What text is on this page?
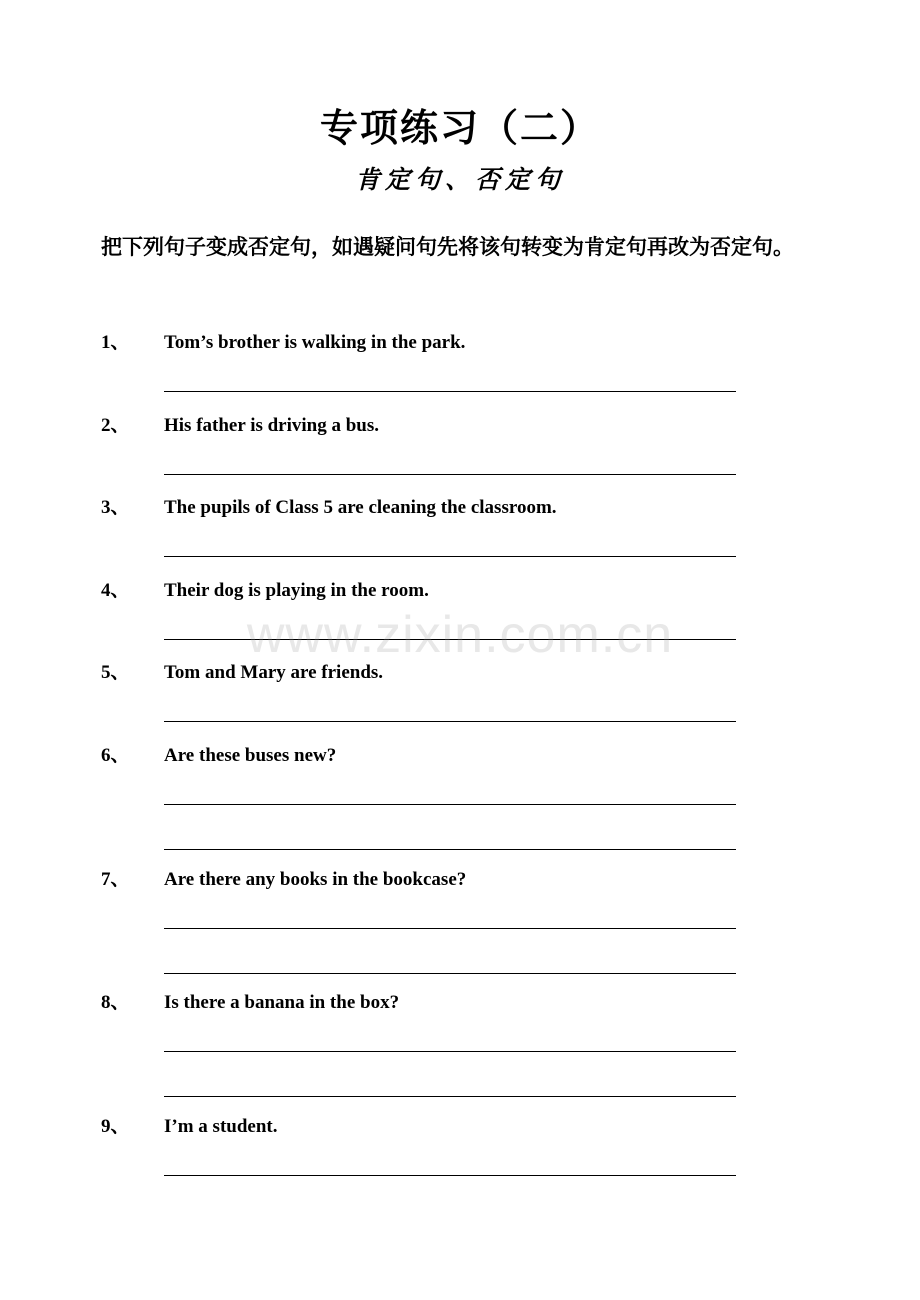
专项练习（二）
肯定句、否定句

把下列句子变成否定句，如遇疑问句先将该句转变为肯定句再改为否定句。

1、 Tom’s brother is walking in the park.
2、 His father is driving a bus.
3、 The pupils of Class 5 are cleaning the classroom.
4、 Their dog is playing in the room.
5、 Tom and Mary are friends.
6、 Are these buses new?
7、 Are there any books in the bookcase?
8、 Is there a banana in the box?
9、 I’m a student.
www.zixin.com.cn
